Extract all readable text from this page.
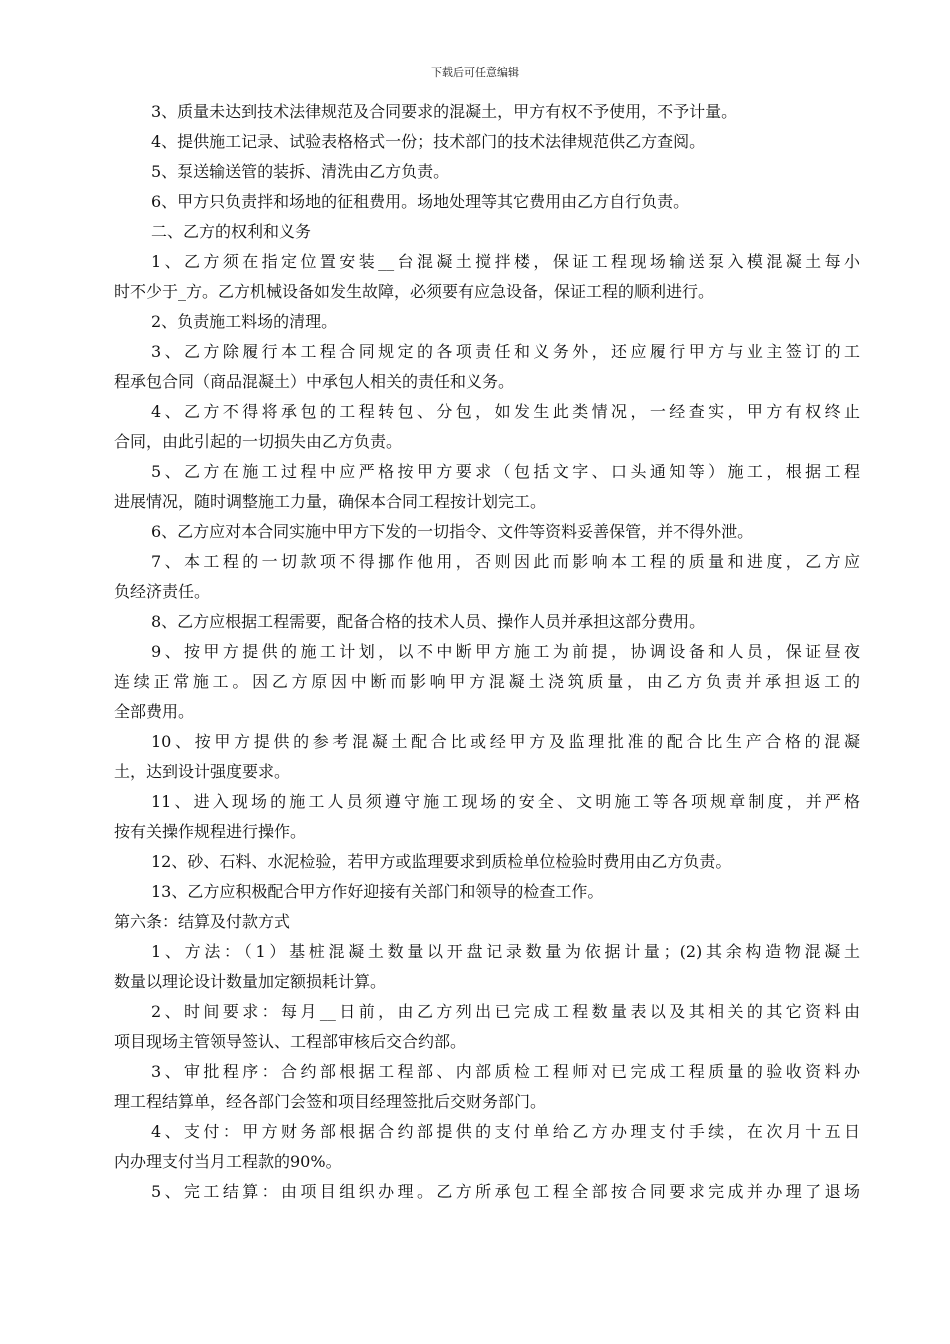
下载后可任意编辑
3、质量未达到技术法律规范及合同要求的混凝土，甲方有权不予使用，不予计量。
4、提供施工记录、试验表格格式一份；技术部门的技术法律规范供乙方查阅。
5、泵送输送管的装拆、清洗由乙方负责。
6、甲方只负责拌和场地的征租费用。场地处理等其它费用由乙方自行负责。
二、乙方的权利和义务
1、乙方须在指定位置安装__台混凝土搅拌楼，保证工程现场输送泵入模混凝土每小
时不少于_方。乙方机械设备如发生故障，必须要有应急设备，保证工程的顺利进行。
2、负责施工料场的清理。
3、乙方除履行本工程合同规定的各项责任和义务外，还应履行甲方与业主签订的工
程承包合同（商品混凝土）中承包人相关的责任和义务。
4、乙方不得将承包的工程转包、分包，如发生此类情况，一经查实，甲方有权终止
合同，由此引起的一切损失由乙方负责。
5、乙方在施工过程中应严格按甲方要求（包括文字、口头通知等）施工，根据工程
进展情况，随时调整施工力量，确保本合同工程按计划完工。
6、乙方应对本合同实施中甲方下发的一切指令、文件等资料妥善保管，并不得外泄。
7、本工程的一切款项不得挪作他用，否则因此而影响本工程的质量和进度，乙方应
负经济责任。
8、乙方应根据工程需要，配备合格的技术人员、操作人员并承担这部分费用。
9、按甲方提供的施工计划，以不中断甲方施工为前提，协调设备和人员，保证昼夜
连续正常施工。因乙方原因中断而影响甲方混凝土浇筑质量，由乙方负责并承担返工的
全部费用。
10、按甲方提供的参考混凝土配合比或经甲方及监理批准的配合比生产合格的混凝
土，达到设计强度要求。
11、进入现场的施工人员须遵守施工现场的安全、文明施工等各项规章制度，并严格
按有关操作规程进行操作。
12、砂、石料、水泥检验，若甲方或监理要求到质检单位检验时费用由乙方负责。
13、乙方应积极配合甲方作好迎接有关部门和领导的检查工作。
第六条：结算及付款方式
1、方法：（1）基桩混凝土数量以开盘记录数量为依据计量；(2)其余构造物混凝土
数量以理论设计数量加定额损耗计算。
2、时间要求：每月__日前，由乙方列出已完成工程数量表以及其相关的其它资料由
项目现场主管领导签认、工程部审核后交合约部。
3、审批程序：合约部根据工程部、内部质检工程师对已完成工程质量的验收资料办
理工程结算单，经各部门会签和项目经理签批后交财务部门。
4、支付：甲方财务部根据合约部提供的支付单给乙方办理支付手续，在次月十五日
内办理支付当月工程款的90%。
5、完工结算：由项目组织办理。乙方所承包工程全部按合同要求完成并办理了退场
